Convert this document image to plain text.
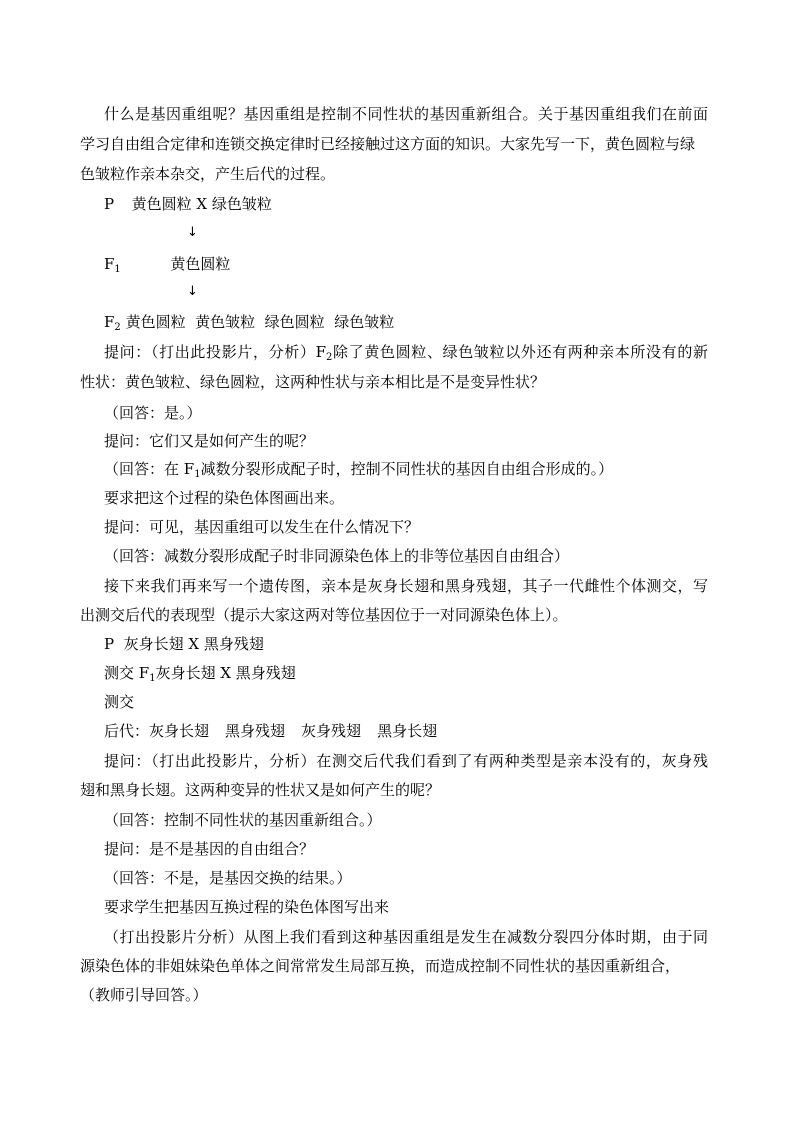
什么是基因重组呢？基因重组是控制不同性状的基因重新组合。关于基因重组我们在前面
学习自由组合定律和连锁交换定律时已经接触过这方面的知识。大家先写一下，黄色圆粒与绿
色皱粒作亲本杂交，产生后代的过程。
P 黄色圆粒 X 绿色皱粒
↓
$F_1$	黄色圆粒
↓
$F_2$ 黄色圆粒  黄色皱粒  绿色圆粒  绿色皱粒
提问：（打出此投影片，分析）$F_2$除了黄色圆粒、绿色皱粒以外还有两种亲本所没有的新
性状：黄色皱粒、绿色圆粒，这两种性状与亲本相比是不是变异性状？
（回答：是。）
提问：它们又是如何产生的呢？
（回答：在 $F_1$减数分裂形成配子时，控制不同性状的基因自由组合形成的。）
要求把这个过程的染色体图画出来。
提问：可见，基因重组可以发生在什么情况下？
（回答：减数分裂形成配子时非同源染色体上的非等位基因自由组合）
接下来我们再来写一个遗传图，亲本是灰身长翅和黑身残翅，其子一代雌性个体测交，写
出测交后代的表现型（提示大家这两对等位基因位于一对同源染色体上）。
P  灰身长翅 X 黑身残翅
测交 $F_1$灰身长翅 X 黑身残翅
测交
后代：灰身长翅 黑身残翅 灰身残翅 黑身长翅
提问：（打出此投影片，分析）在测交后代我们看到了有两种类型是亲本没有的，灰身残
翅和黑身长翅。这两种变异的性状又是如何产生的呢？
（回答：控制不同性状的基因重新组合。）
提问：是不是基因的自由组合？
（回答：不是，是基因交换的结果。）
要求学生把基因互换过程的染色体图写出来
（打出投影片分析）从图上我们看到这种基因重组是发生在减数分裂四分体时期，由于同
源染色体的非姐妹染色单体之间常常发生局部互换，而造成控制不同性状的基因重新组合，
（教师引导回答。）
